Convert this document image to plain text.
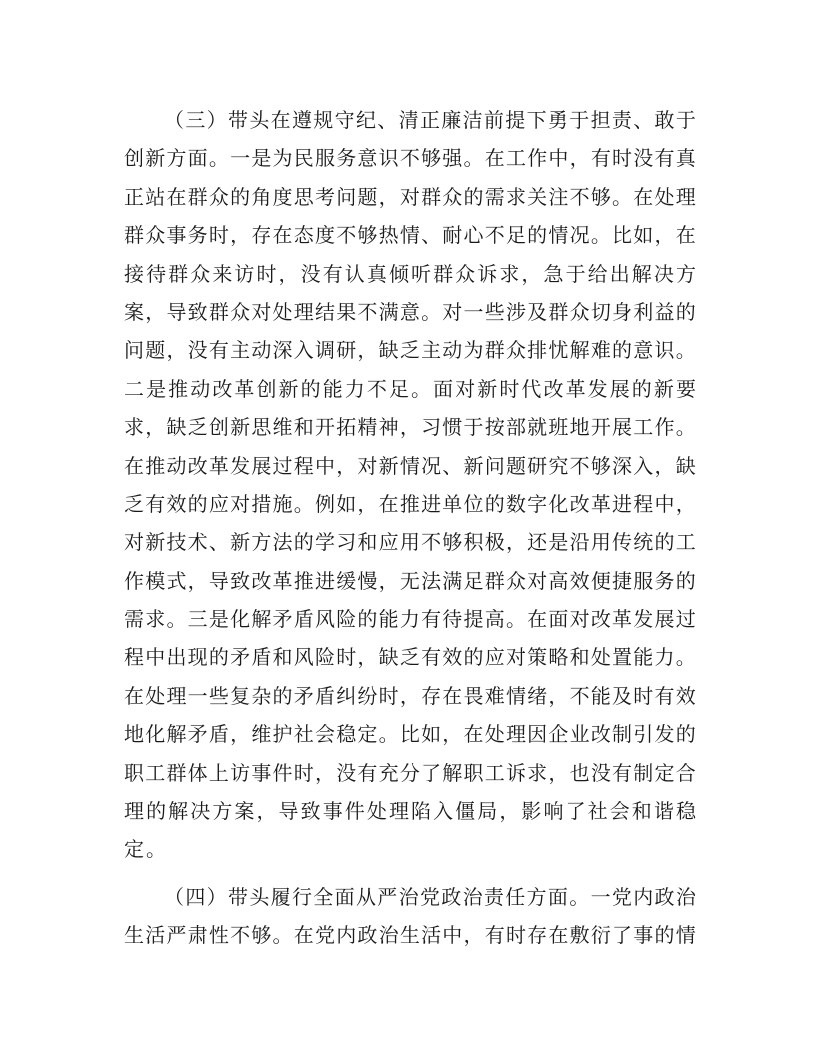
（ 三 ） 带 头 在 遵 规 守 纪 、 清 正 廉 洁 前 提 下 勇 于 担 责 、 敢 于
创 新 方 面 。 一 是 为 民 服 务 意 识 不 够 强 。 在 工 作 中 ， 有 时 没 有 真
正 站 在 群 众 的 角 度 思 考 问 题 ， 对 群 众 的 需 求 关 注 不 够 。 在 处 理
群 众 事 务 时 ， 存 在 态 度 不 够 热 情 、 耐 心 不 足 的 情 况 。 比 如 ， 在
接 待 群 众 来 访 时 ， 没 有 认 真 倾 听 群 众 诉 求 ， 急 于 给 出 解 决 方
案 ， 导 致 群 众 对 处 理 结 果 不 满 意 。 对 一 些 涉 及 群 众 切 身 利 益 的
问 题 ， 没 有 主 动 深 入 调 研 ， 缺 乏 主 动 为 群 众 排 忧 解 难 的 意 识 。
二 是 推 动 改 革 创 新 的 能 力 不 足 。 面 对 新 时 代 改 革 发 展 的 新 要
求 ， 缺 乏 创 新 思 维 和 开 拓 精 神 ， 习 惯 于 按 部 就 班 地 开 展 工 作 。
在 推 动 改 革 发 展 过 程 中 ， 对 新 情 况 、 新 问 题 研 究 不 够 深 入 ， 缺
乏 有 效 的 应 对 措 施 。 例 如 ， 在 推 进 单 位 的 数 字 化 改 革 进 程 中 ，
对 新 技 术 、 新 方 法 的 学 习 和 应 用 不 够 积 极 ， 还 是 沿 用 传 统 的 工
作 模 式 ， 导 致 改 革 推 进 缓 慢 ， 无 法 满 足 群 众 对 高 效 便 捷 服 务 的
需 求 。 三 是 化 解 矛 盾 风 险 的 能 力 有 待 提 高 。 在 面 对 改 革 发 展 过
程 中 出 现 的 矛 盾 和 风 险 时 ， 缺 乏 有 效 的 应 对 策 略 和 处 置 能 力 。
在 处 理 一 些 复 杂 的 矛 盾 纠 纷 时 ， 存 在 畏 难 情 绪 ， 不 能 及 时 有 效
地 化 解 矛 盾 ， 维 护 社 会 稳 定 。 比 如 ， 在 处 理 因 企 业 改 制 引 发 的
职 工 群 体 上 访 事 件 时 ， 没 有 充 分 了 解 职 工 诉 求 ， 也 没 有 制 定 合
理 的 解 决 方 案 ， 导 致 事 件 处 理 陷 入 僵 局 ， 影 响 了 社 会 和 谐 稳
定 。
（ 四 ） 带 头 履 行 全 面 从 严 治 党 政 治 责 任 方 面 。 一 党 内 政 治
生 活 严 肃 性 不 够 。 在 党 内 政 治 生 活 中 ， 有 时 存 在 敷 衍 了 事 的 情
